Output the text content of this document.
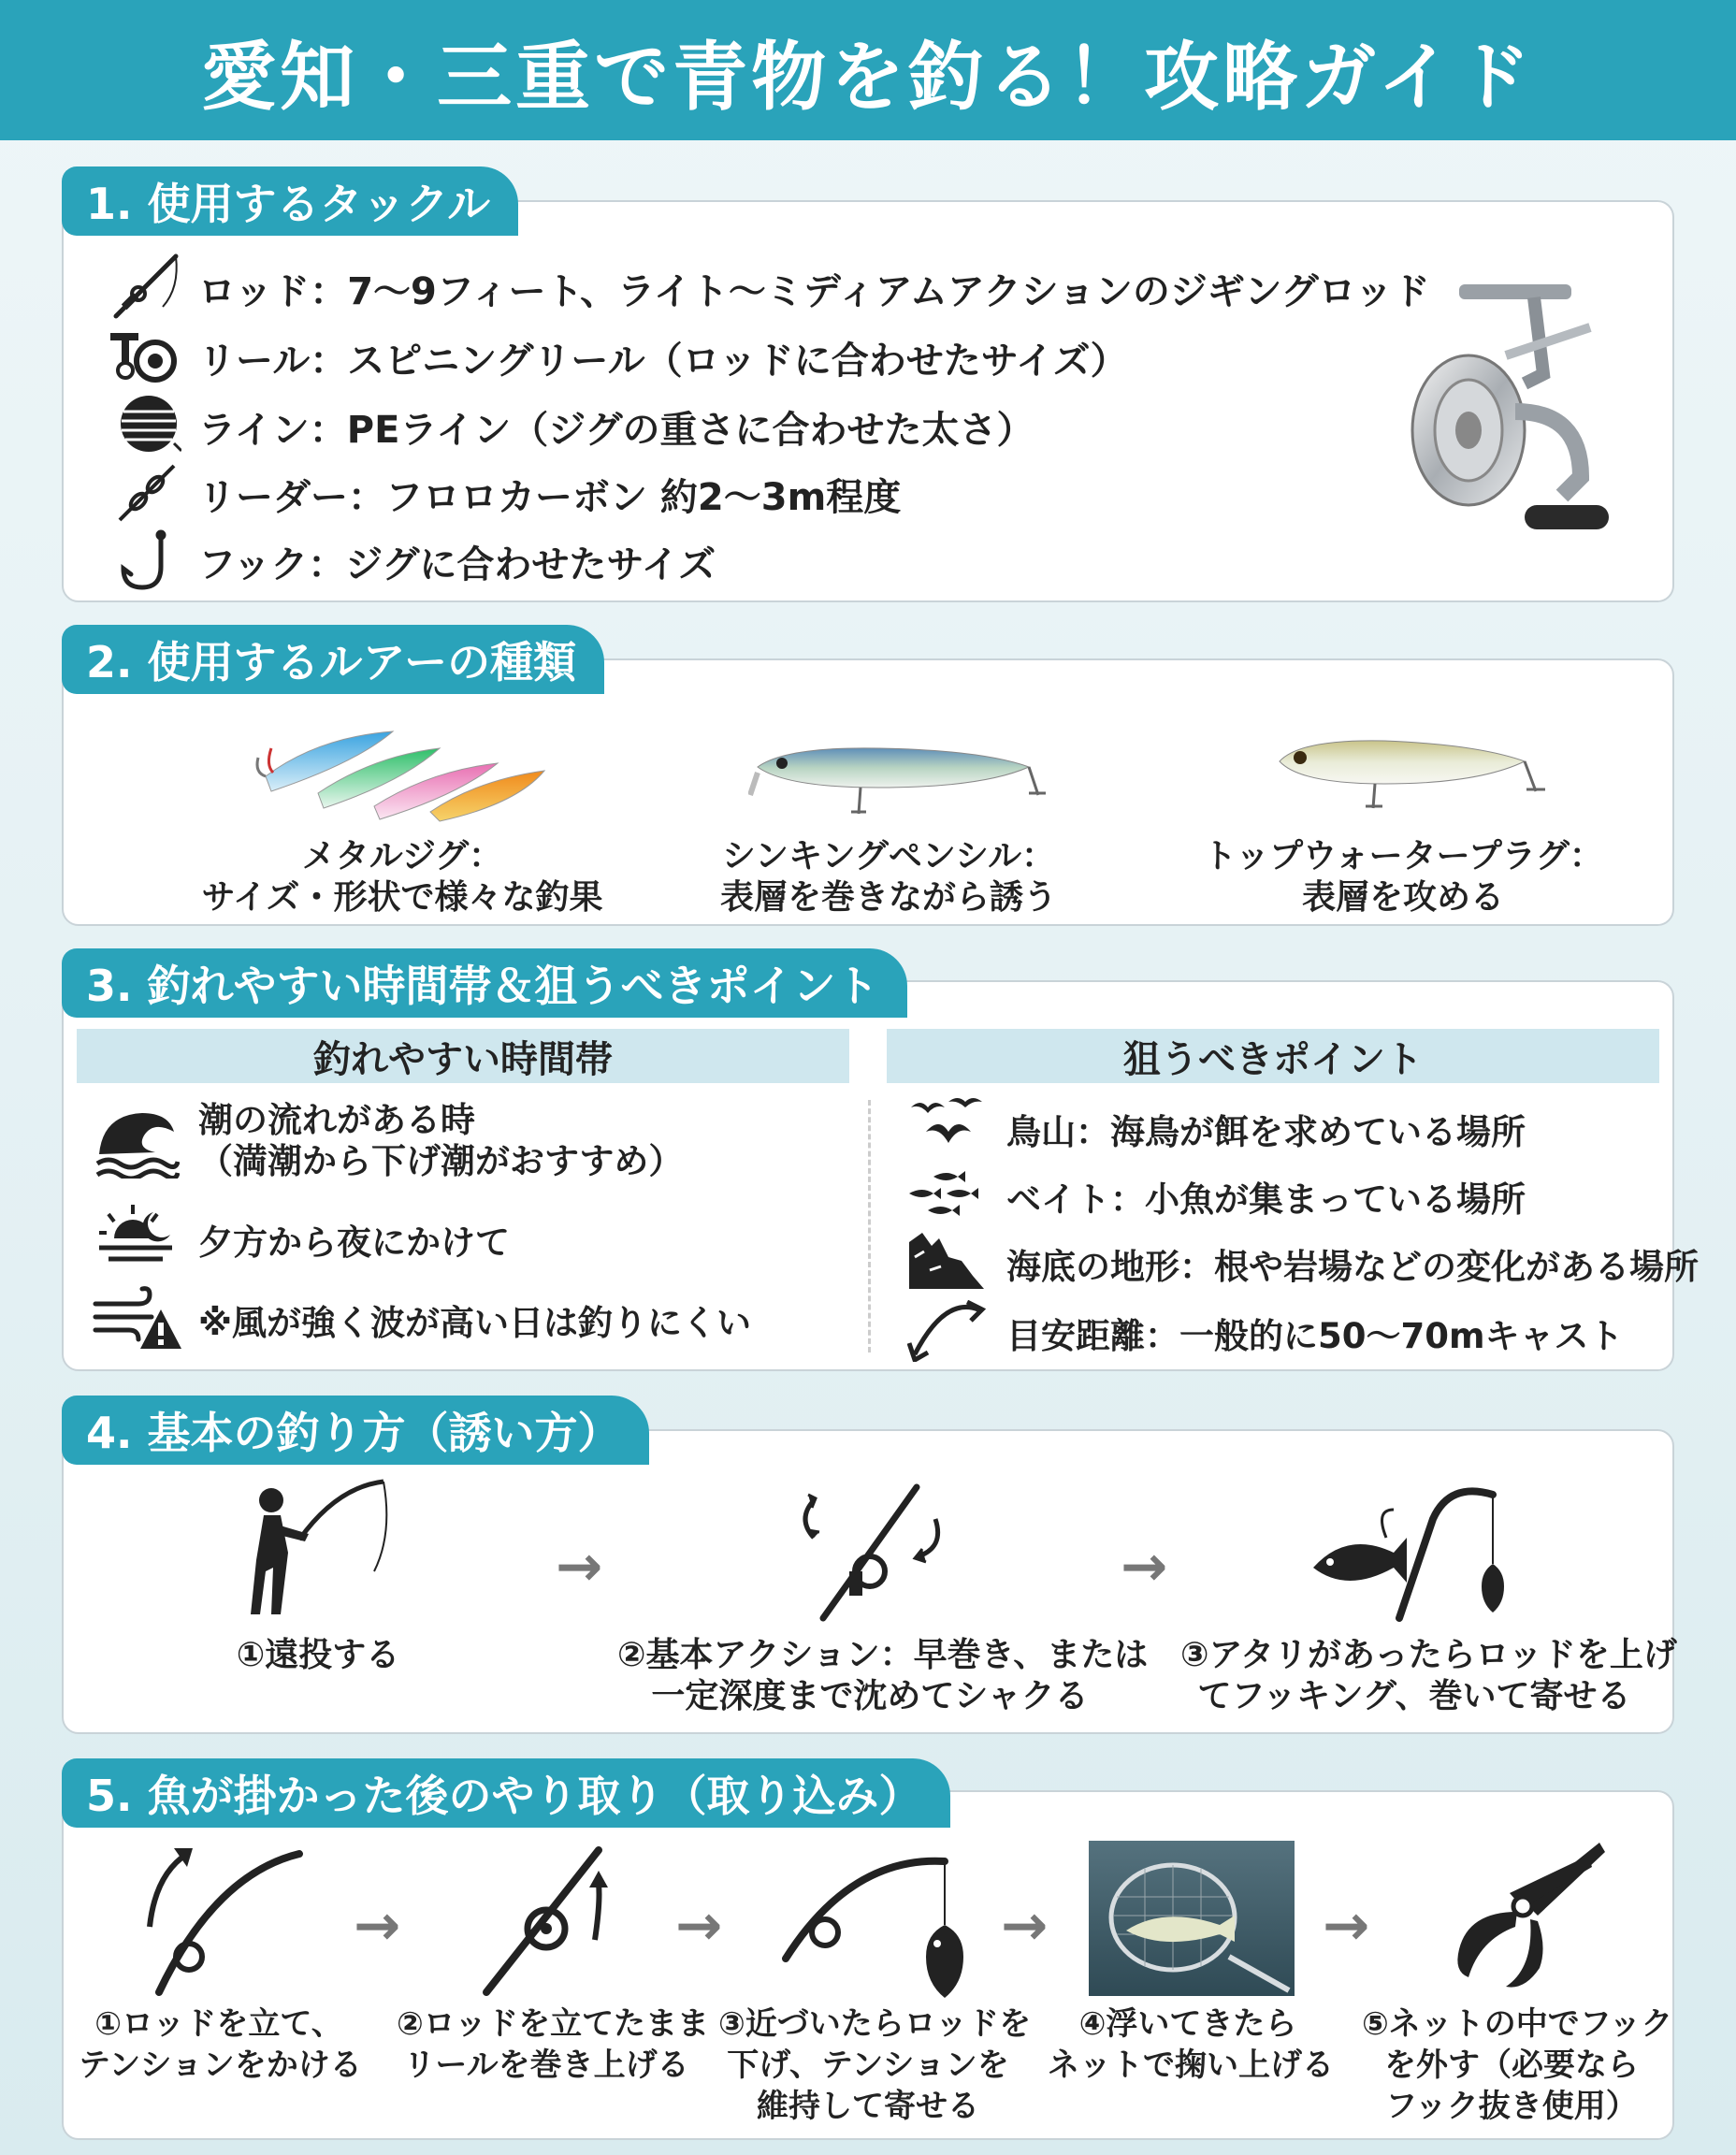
愛知・三重で青物を釣る！攻略ガイド
1. 使用するタックル
ロッド：7〜9フィート、ライト〜ミディアムアクションのジギングロッド
リール：スピニングリール（ロッドに合わせたサイズ）
ライン：PEライン（ジグの重さに合わせた太さ）
リーダー：フロロカーボン 約2〜3m程度
フック：ジグに合わせたサイズ
2. 使用するルアーの種類
メタルジグ：
サイズ・形状で様々な釣果
シンキングペンシル：
表層を巻きながら誘う
トップウォータープラグ：
表層を攻める
3. 釣れやすい時間帯＆狙うべきポイント
釣れやすい時間帯	狙うべきポイント
潮の流れがある時
（満潮から下げ潮がおすすめ）
夕方から夜にかけて
※風が強く波が高い日は釣りにくい
鳥山：海鳥が餌を求めている場所
ベイト：小魚が集まっている場所
海底の地形：根や岩場などの変化がある場所
目安距離：一般的に50〜70mキャスト
4. 基本の釣り方（誘い方）
→	→
①遠投する	②基本アクション：早巻き、または
一定深度まで沈めてシャクる
③アタリがあったらロッドを上げ
てフッキング、巻いて寄せる
5. 魚が掛かった後のやり取り（取り込み）
→	→	→	→
①ロッドを立て、
テンションをかける
②ロッドを立てたまま
リールを巻き上げる
③近づいたらロッドを
下げ、テンションを
維持して寄せる
④浮いてきたら
ネットで掬い上げる
⑤ネットの中でフック
を外す（必要なら
フック抜き使用）
